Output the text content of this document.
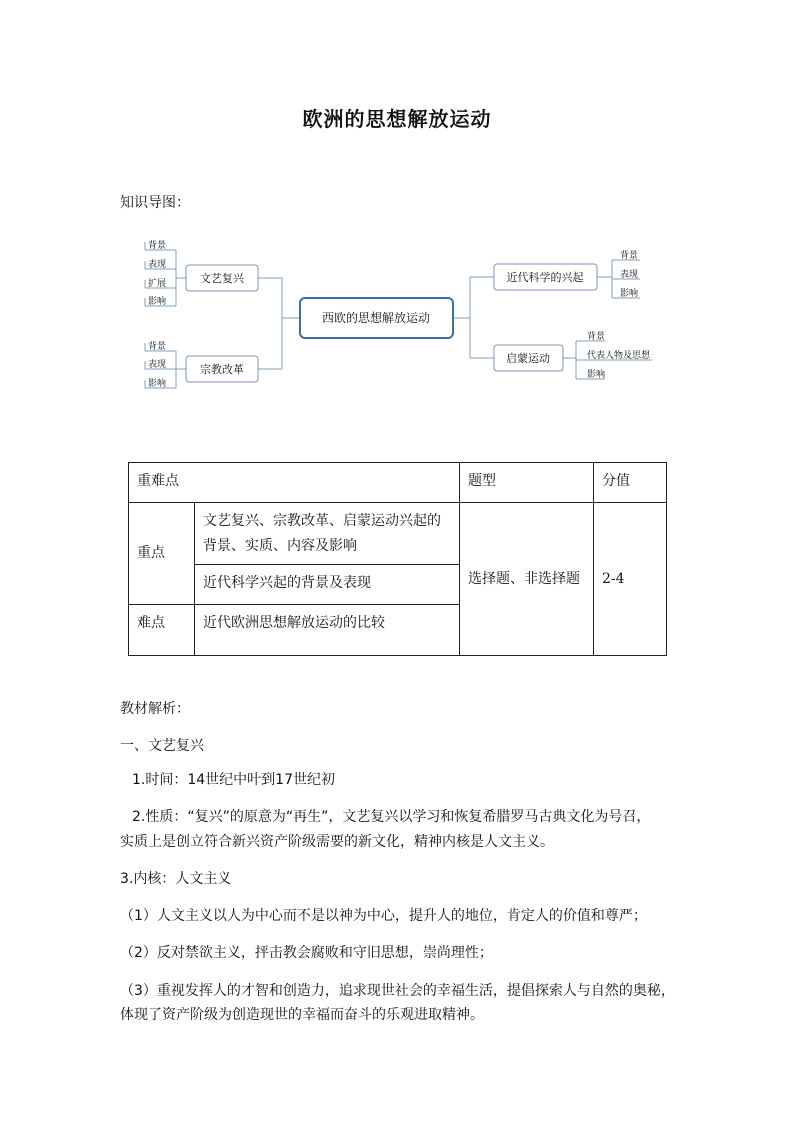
欧洲的思想解放运动
知识导图：
西欧的思想解放运动
文艺复兴
宗教改革
近代科学的兴起
启蒙运动
背景
表现
扩展
影响
背景
表现
影响
背景
表现
影响
背景
代表人物及思想
影响
重难点		题型	分值
重点	文艺复兴、宗教改革、启蒙运动兴起的背景、实质、内容及影响	选择题、非选择题	2-4
	近代科学兴起的背景及表现		
难点	近代欧洲思想解放运动的比较		
教材解析：
一、文艺复兴
1.时间：14世纪中叶到17世纪初
2.性质：“复兴”的原意为“再生”，文艺复兴以学习和恢复希腊罗马古典文化为号召，
实质上是创立符合新兴资产阶级需要的新文化，精神内核是人文主义。
3.内核：人文主义
（1）人文主义以人为中心而不是以神为中心，提升人的地位，肯定人的价值和尊严；
（2）反对禁欲主义，抨击教会腐败和守旧思想，崇尚理性；
（3）重视发挥人的才智和创造力，追求现世社会的幸福生活，提倡探索人与自然的奥秘，
体现了资产阶级为创造现世的幸福而奋斗的乐观进取精神。
